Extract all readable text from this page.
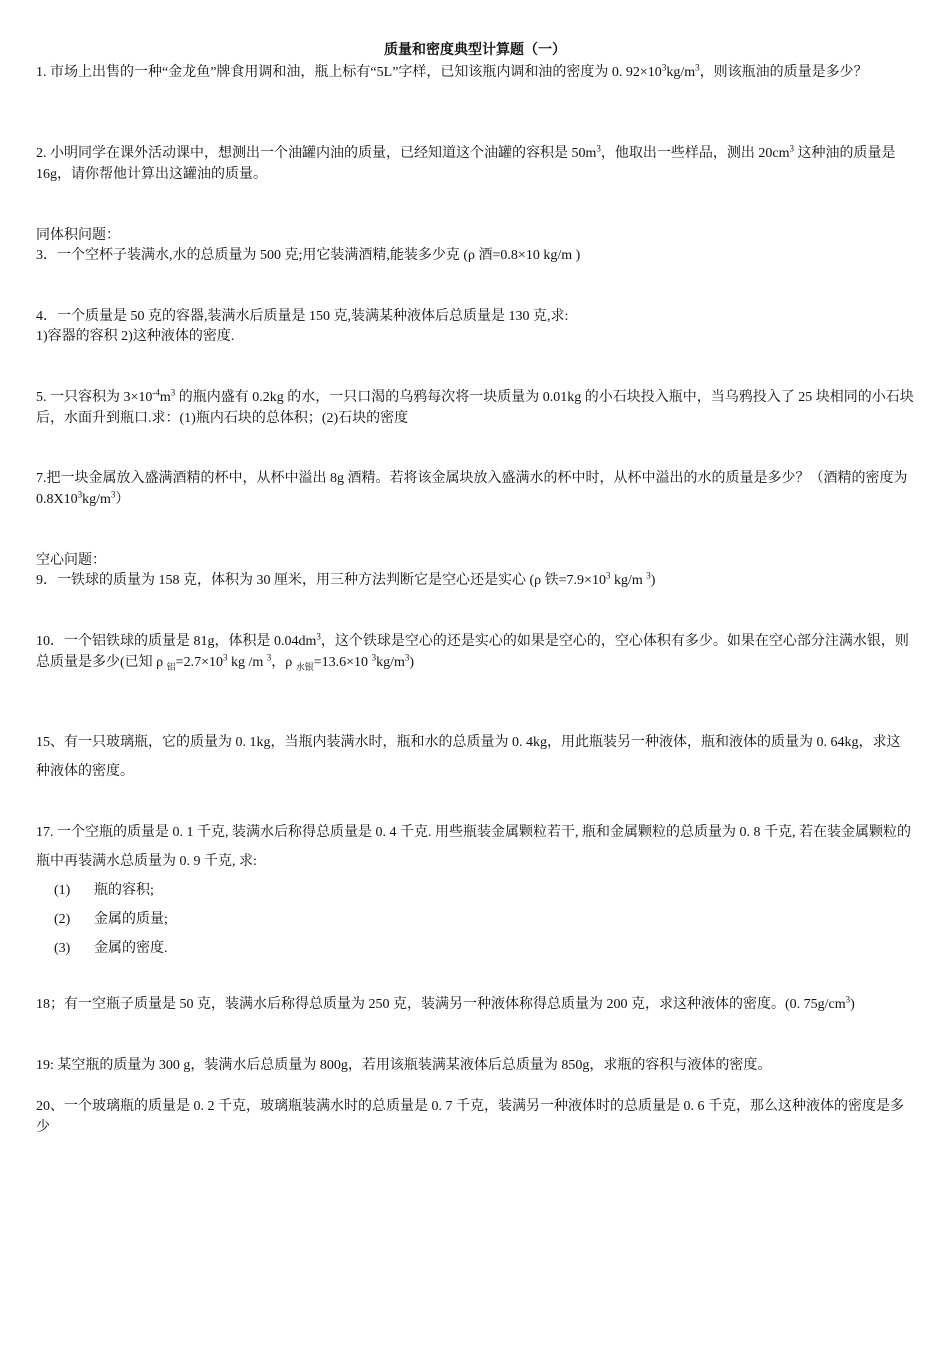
质量和密度典型计算题（一）

1. 市场上出售的一种“金龙鱼”牌食用调和油，瓶上标有“5L”字样，已知该瓶内调和油的密度为 0. $92\times 10^3kg/m^3$，则该瓶油的质量是多少？

2. 小明同学在课外活动课中，想测出一个油罐内油的质量，已经知道这个油罐的容积是 $50m^3$，他取出一些样品，测出 $20cm^3$ 这种油的质量是 16g，请你帮他计算出这罐油的质量。

同体积问题：

3．一个空杯子装满水,水的总质量为 500 克;用它装满酒精,能装多少克 (ρ 酒=0.8×10 kg/m )

4．一个质量是 50 克的容器,装满水后质量是 150 克,装满某种液体后总质量是 130 克,求:

1)容器的容积 2)这种液体的密度.

5. 一只容积为 $3\times 10^{-4}m^3$ 的瓶内盛有 0.2kg 的水，一只口渴的乌鸦每次将一块质量为 0.01kg 的小石块投入瓶中，当乌鸦投入了 25 块相同的小石块后，水面升到瓶口.求：(1)瓶内石块的总体积；(2)石块的密度

7.把一块金属放入盛满酒精的杯中，从杯中溢出 8g 酒精。若将该金属块放入盛满水的杯中时，从杯中溢出的水的质量是多少？（酒精的密度为 $0.8X10^3kg/m^3$）

空心问题：

9．一铁球的质量为 158 克，体积为 30 厘米，用三种方法判断它是空心还是实心 (ρ 铁$=7.9\times 10^3$ kg/m $^3$)

10．一个铝铁球的质量是 81g，体积是 $0.04dm^3$，这个铁球是空心的还是实心的如果是空心的，空心体积有多少。如果在空心部分注满水银，则总质量是多少(已知 ρ $_铝=2.7\times 10^3$ kg /m $^3$，ρ $_{水银}$=13.6×10 $^3kg/m^3$)

15、有一只玻璃瓶，它的质量为 0. 1kg，当瓶内装满水时，瓶和水的总质量为 0. 4kg，用此瓶装另一种液体，瓶和液体的质量为 0. 64kg，求这种液体的密度。

17. 一个空瓶的质量是 0. 1 千克, 装满水后称得总质量是 0. 4 千克. 用些瓶装金属颗粒若干, 瓶和金属颗粒的总质量为 0. 8 千克, 若在装金属颗粒的瓶中再装满水总质量为 0. 9 千克, 求:

(1) 瓶的容积;
(2) 金属的质量;
(3) 金属的密度.

18；有一空瓶子质量是 50 克，装满水后称得总质量为 250 克，装满另一种液体称得总质量为 200 克，求这种液体的密度。(0. $75g/cm^3$)

19: 某空瓶的质量为 300 g，装满水后总质量为 800g，若用该瓶装满某液体后总质量为 850g，求瓶的容积与液体的密度。

20、一个玻璃瓶的质量是 0. 2 千克，玻璃瓶装满水时的总质量是 0. 7 千克，装满另一种液体时的总质量是 0. 6 千克，那么这种液体的密度是多少
